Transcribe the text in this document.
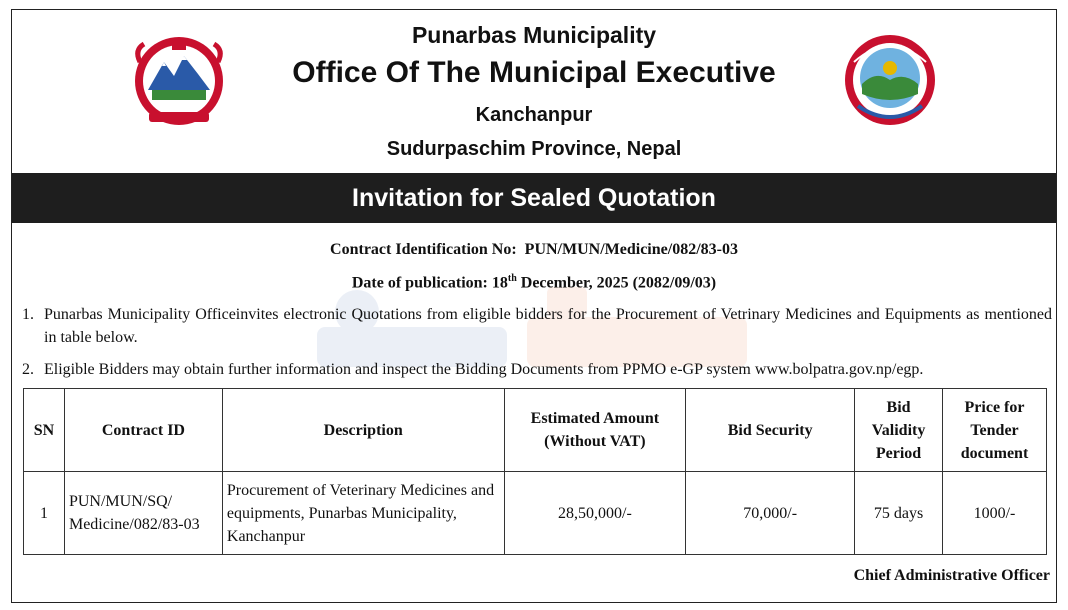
Punarbas Municipality
Office Of The Municipal Executive
Kanchanpur
Sudurpaschim Province, Nepal
Invitation for Sealed Quotation
Contract Identification No: PUN/MUN/Medicine/082/83-03
Date of publication: 18th December, 2025 (2082/09/03)
1. Punarbas Municipality Officeinvites electronic Quotations from eligible bidders for the Procurement of Vetrinary Medicines and Equipments as mentioned in table below.
2. Eligible Bidders may obtain further information and inspect the Bidding Documents from PPMO e-GP system www.bolpatra.gov.np/egp.
SN	Contract ID	Description	Estimated Amount (Without VAT)	Bid Security	Bid Validity Period	Price for Tender document
1	PUN/MUN/SQ/ Medicine/082/83-03	Procurement of Veterinary Medicines and equipments, Punarbas Municipality, Kanchanpur	28,50,000/-	70,000/-	75 days	1000/-
Chief Administrative Officer
